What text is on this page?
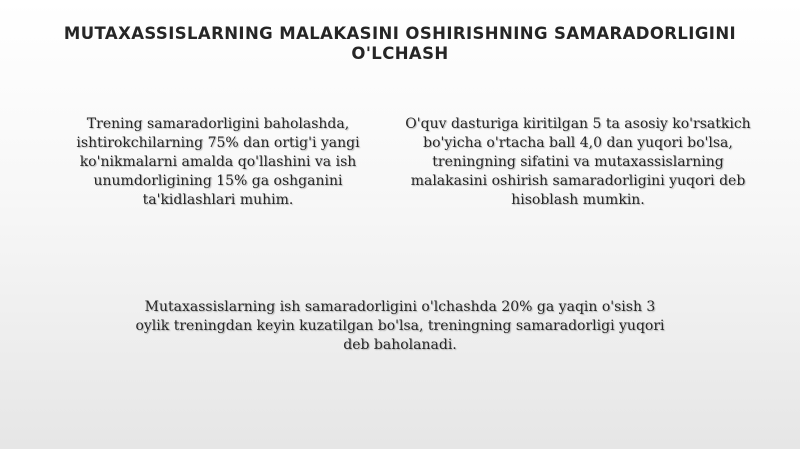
MUTAXASSISLARNING MALAKASINI OSHIRISHNING SAMARADORLIGINI O'LCHASH
Trening samaradorligini baholashda, ishtirokchilarning 75% dan ortig'i yangi ko'nikmalarni amalda qo'llashini va ish unumdorligining 15% ga oshganini ta'kidlashlari muhim.
O'quv dasturiga kiritilgan 5 ta asosiy ko'rsatkich bo'yicha o'rtacha ball 4,0 dan yuqori bo'lsa, treningning sifatini va mutaxassislarning malakasini oshirish samaradorligini yuqori deb hisoblash mumkin.
Mutaxassislarning ish samaradorligini o'lchashda 20% ga yaqin o'sish 3 oylik treningdan keyin kuzatilgan bo'lsa, treningning samaradorligi yuqori deb baholanadi.
